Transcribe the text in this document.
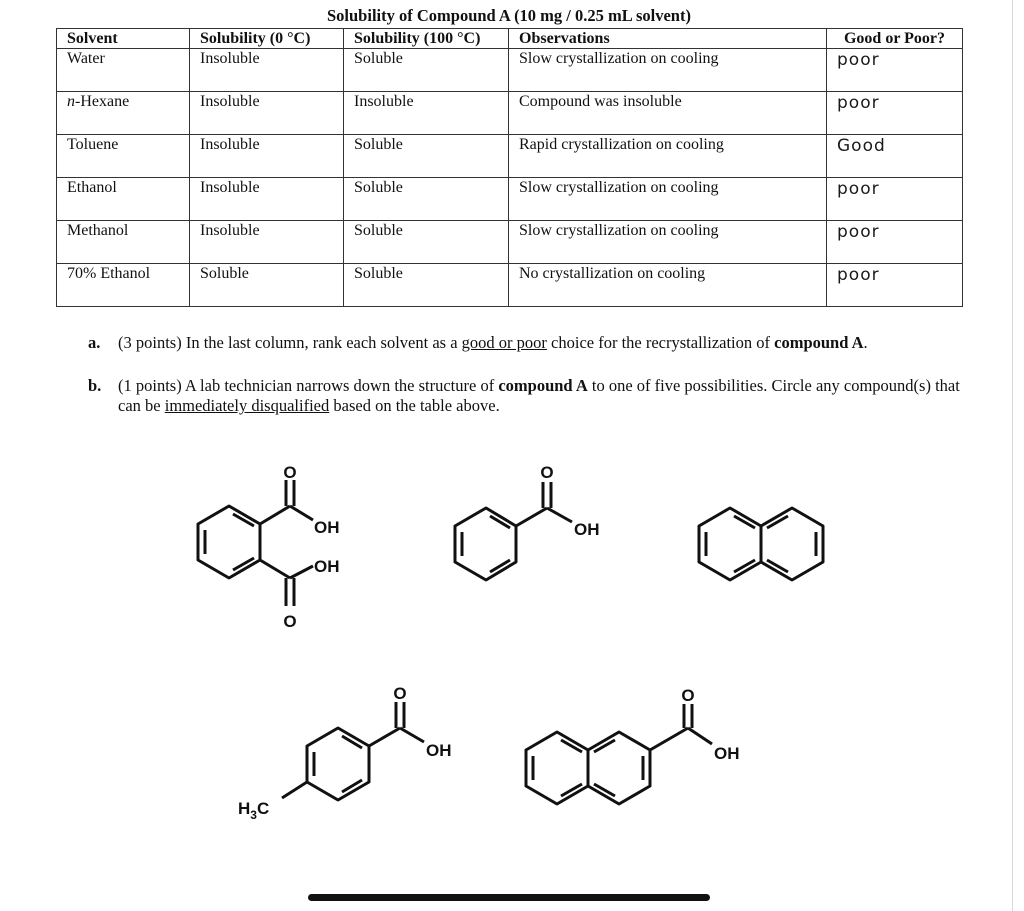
Solubility of Compound A (10 mg / 0.25 mL solvent)
Solvent	Solubility (0 °C)	Solubility (100 °C)	Observations	Good or Poor?
Water	Insoluble	Soluble	Slow crystallization on cooling	poor
n-Hexane	Insoluble	Insoluble	Compound was insoluble	poor
Toluene	Insoluble	Soluble	Rapid crystallization on cooling	Good
Ethanol	Insoluble	Soluble	Slow crystallization on cooling	poor
Methanol	Insoluble	Soluble	Slow crystallization on cooling	poor
70% Ethanol	Soluble	Soluble	No crystallization on cooling	poor
a. (3 points) In the last column, rank each solvent as a good or poor choice for the recrystallization of compound A.
b. (1 points) A lab technician narrows down the structure of compound A to one of five possibilities. Circle any compound(s) that can be immediately disqualified based on the table above.
O
OH
OH
O
O
OH
O
OH
$H_3C$
O
OH
